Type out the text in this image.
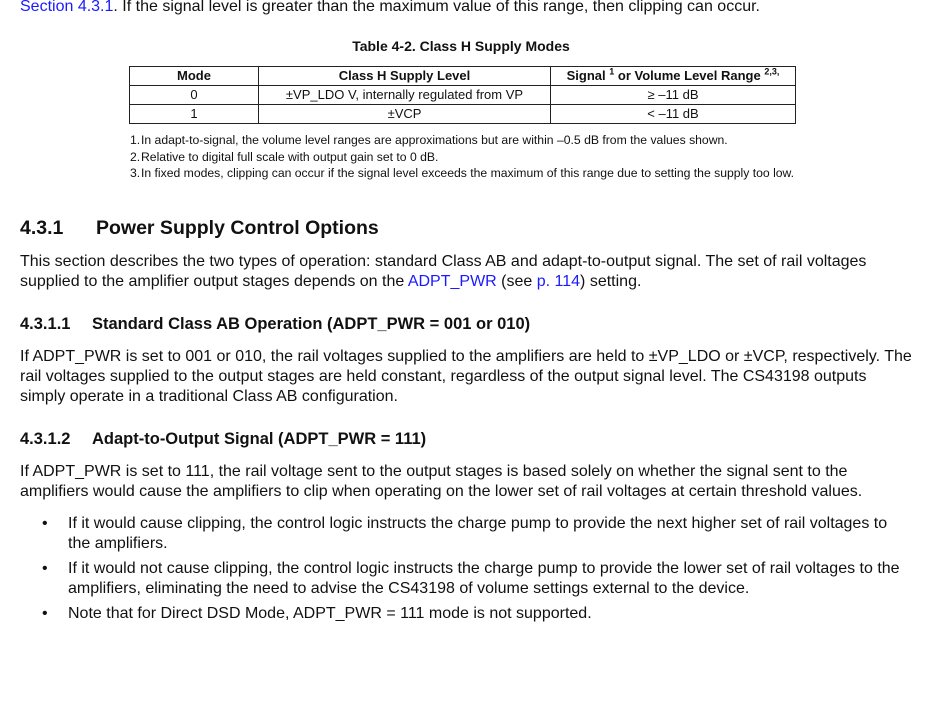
Section 4.3.1. If the signal level is greater than the maximum value of this range, then clipping can occur.
Table 4-2. Class H Supply Modes
Mode	Class H Supply Level	Signal $^1$ or Volume Level Range $^{2,3,}$
0	±VP_LDO V, internally regulated from VP	≥ –11 dB
1	±VCP	< –11 dB
1. In adapt-to-signal, the volume level ranges are approximations but are within –0.5 dB from the values shown.
2. Relative to digital full scale with output gain set to 0 dB.
3. In fixed modes, clipping can occur if the signal level exceeds the maximum of this range due to setting the supply too low.
4.3.1 Power Supply Control Options
This section describes the two types of operation: standard Class AB and adapt-to-output signal. The set of rail voltages supplied to the amplifier output stages depends on the ADPT_PWR (see p. 114) setting.
4.3.1.1 Standard Class AB Operation (ADPT_PWR = 001 or 010)
If ADPT_PWR is set to 001 or 010, the rail voltages supplied to the amplifiers are held to ±VP_LDO or ±VCP, respectively. The rail voltages supplied to the output stages are held constant, regardless of the output signal level. The CS43198 outputs simply operate in a traditional Class AB configuration.
4.3.1.2 Adapt-to-Output Signal (ADPT_PWR = 111)
If ADPT_PWR is set to 111, the rail voltage sent to the output stages is based solely on whether the signal sent to the amplifiers would cause the amplifiers to clip when operating on the lower set of rail voltages at certain threshold values.
•	If it would cause clipping, the control logic instructs the charge pump to provide the next higher set of rail voltages to the amplifiers.
•	If it would not cause clipping, the control logic instructs the charge pump to provide the lower set of rail voltages to the amplifiers, eliminating the need to advise the CS43198 of volume settings external to the device.
•	Note that for Direct DSD Mode, ADPT_PWR = 111 mode is not supported.
